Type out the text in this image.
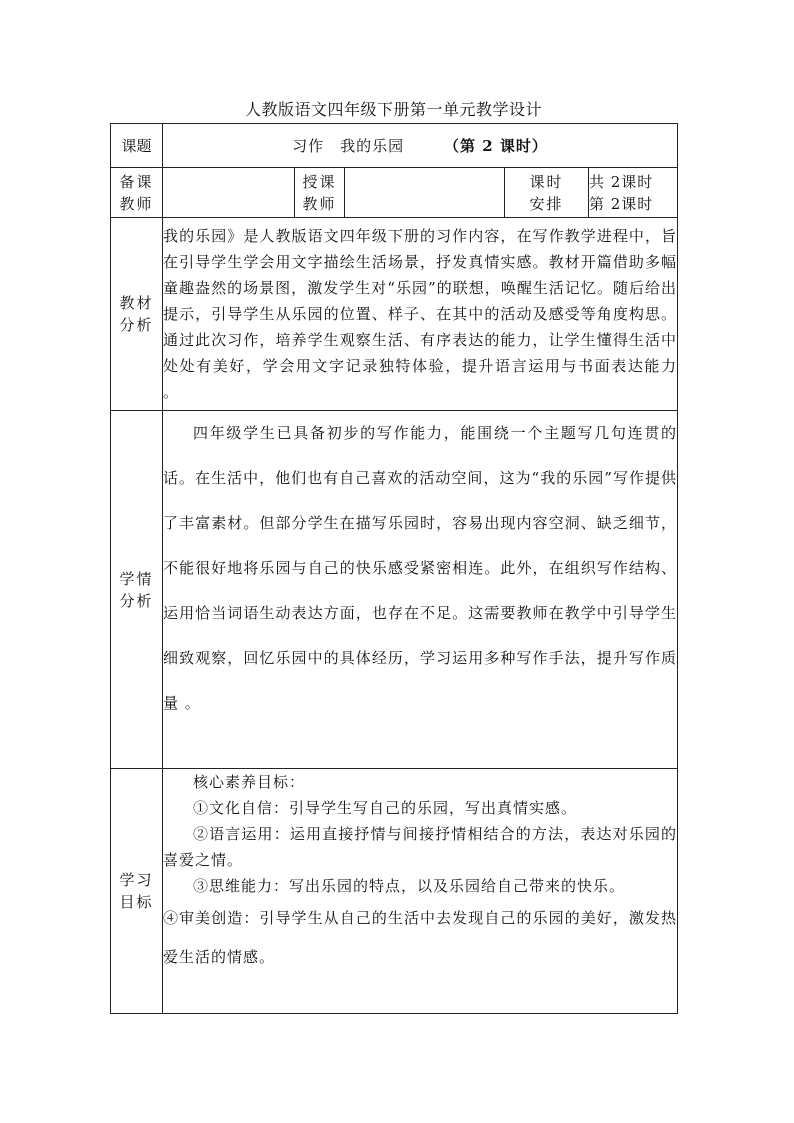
人教版语文四年级下册第一单元教学设计
课题	习作　我的乐园 （第 2 课时）				

备课教师		授课教师		课时安排	共 2课时
第 2课时

教材分析	我的乐园》是人教版语文四年级下册的习作内容，在写作教学进程中，旨在引导学生学会用文字描绘生活场景，抒发真情实感。教材开篇借助多幅童趣盎然的场景图，激发学生对“乐园”的联想，唤醒生活记忆。随后给出提示，引导学生从乐园的位置、样子、在其中的活动及感受等角度构思。通过此次习作，培养学生观察生活、有序表达的能力，让学生懂得生活中处处有美好，学会用文字记录独特体验，提升语言运用与书面表达能力 。				

学情分析	四年级学生已具备初步的写作能力，能围绕一个主题写几句连贯的话。在生活中，他们也有自己喜欢的活动空间，这为“我的乐园”写作提供了丰富素材。但部分学生在描写乐园时，容易出现内容空洞、缺乏细节，不能很好地将乐园与自己的快乐感受紧密相连。此外，在组织写作结构、运用恰当词语生动表达方面，也存在不足。这需要教师在教学中引导学生细致观察，回忆乐园中的具体经历，学习运用多种写作手法，提升写作质量 。				

学习目标	核心素养目标：

①文化自信：引导学生写自己的乐园，写出真情实感。

②语言运用：运用直接抒情与间接抒情相结合的方法，表达对乐园的喜爱之情。

③思维能力：写出乐园的特点，以及乐园给自己带来的快乐。

④审美创造：引导学生从自己的生活中去发现自己的乐园的美好，激发热爱生活的情感。				
